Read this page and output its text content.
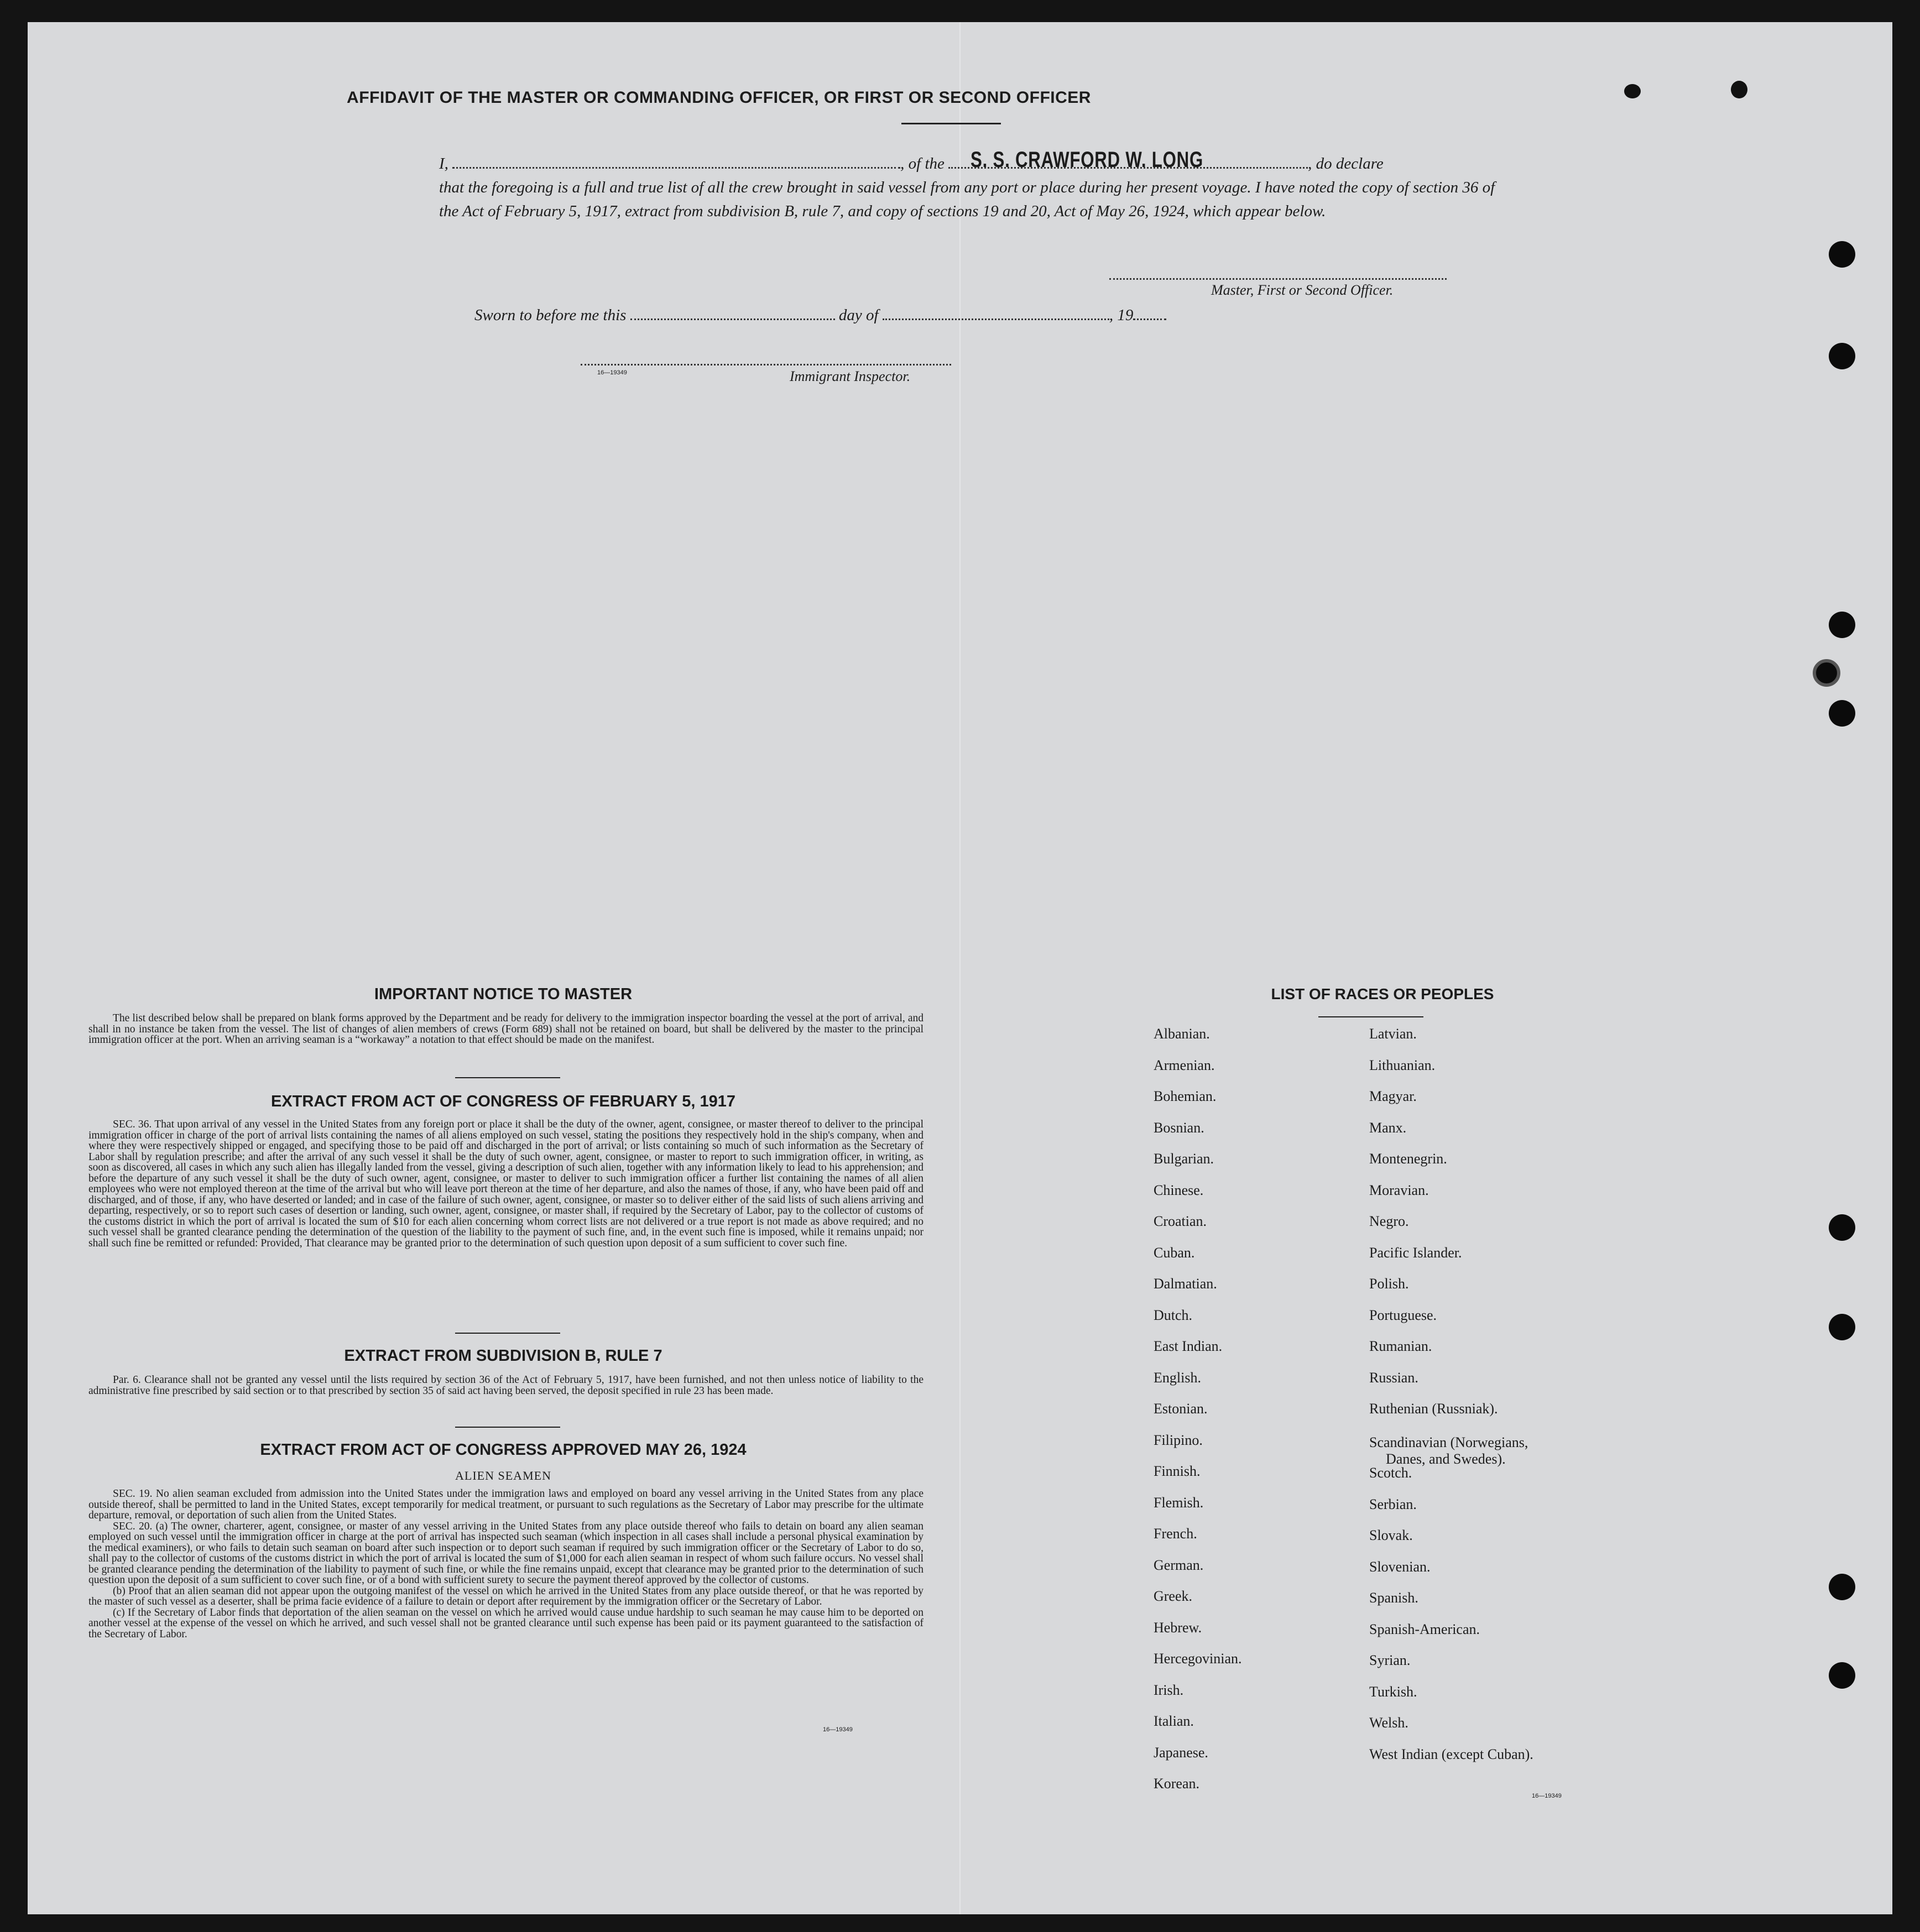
AFFIDAVIT OF THE MASTER OR COMMANDING OFFICER, OR FIRST OR SECOND OFFICER
I,	, of the S. S. CRAWFORD W. LONG	, do declare
that the foregoing is a full and true list of all the crew brought in said vessel from any port or place during her present voyage. I have noted the copy of section 36 of the Act of February 5, 1917, extract from subdivision B, rule 7, and copy of sections 19 and 20, Act of May 26, 1924, which appear below.
Master, First or Second Officer.
Sworn to before me this	day of	, 19
16—19349	Immigrant Inspector.
IMPORTANT NOTICE TO MASTER

The list described below shall be prepared on blank forms approved by the Department and be ready for delivery to the immigration inspector boarding the vessel at the port of arrival, and shall in no instance be taken from the vessel. The list of changes of alien members of crews (Form 689) shall not be retained on board, but shall be delivered by the master to the principal immigration officer at the port. When an arriving seaman is a “workaway” a notation to that effect should be made on the manifest.

EXTRACT FROM ACT OF CONGRESS OF FEBRUARY 5, 1917

SEC. 36. That upon arrival of any vessel in the United States from any foreign port or place it shall be the duty of the owner, agent, consignee, or master thereof to deliver to the principal immigration officer in charge of the port of arrival lists containing the names of all aliens employed on such vessel, stating the positions they respectively hold in the ship's company, when and where they were respectively shipped or engaged, and specifying those to be paid off and discharged in the port of arrival; or lists containing so much of such information as the Secretary of Labor shall by regulation prescribe; and after the arrival of any such vessel it shall be the duty of such owner, agent, consignee, or master to report to such immigration officer, in writing, as soon as discovered, all cases in which any such alien has illegally landed from the vessel, giving a description of such alien, together with any information likely to lead to his apprehension; and before the departure of any such vessel it shall be the duty of such owner, agent, consignee, or master to deliver to such immigration officer a further list containing the names of all alien employees who were not employed thereon at the time of the arrival but who will leave port thereon at the time of her departure, and also the names of those, if any, who have been paid off and discharged, and of those, if any, who have deserted or landed; and in case of the failure of such owner, agent, consignee, or master so to deliver either of the said lists of such aliens arriving and departing, respectively, or so to report such cases of desertion or landing, such owner, agent, consignee, or master shall, if required by the Secretary of Labor, pay to the collector of customs of the customs district in which the port of arrival is located the sum of $10 for each alien concerning whom correct lists are not delivered or a true report is not made as above required; and no such vessel shall be granted clearance pending the determination of the question of the liability to the payment of such fine, and, in the event such fine is imposed, while it remains unpaid; nor shall such fine be remitted or refunded: Provided, That clearance may be granted prior to the determination of such question upon deposit of a sum sufficient to cover such fine.

EXTRACT FROM SUBDIVISION B, RULE 7

Par. 6. Clearance shall not be granted any vessel until the lists required by section 36 of the Act of February 5, 1917, have been furnished, and not then unless notice of liability to the administrative fine prescribed by said section or to that prescribed by section 35 of said act having been served, the deposit specified in rule 23 has been made.

EXTRACT FROM ACT OF CONGRESS APPROVED MAY 26, 1924
ALIEN SEAMEN

SEC. 19. No alien seaman excluded from admission into the United States under the immigration laws and employed on board any vessel arriving in the United States from any place outside thereof, shall be permitted to land in the United States, except temporarily for medical treatment, or pursuant to such regulations as the Secretary of Labor may prescribe for the ultimate departure, removal, or deportation of such alien from the United States.

SEC. 20. (a) The owner, charterer, agent, consignee, or master of any vessel arriving in the United States from any place outside thereof who fails to detain on board any alien seaman employed on such vessel until the immigration officer in charge at the port of arrival has inspected such seaman (which inspection in all cases shall include a personal physical examination by the medical examiners), or who fails to detain such seaman on board after such inspection or to deport such seaman if required by such immigration officer or the Secretary of Labor to do so, shall pay to the collector of customs of the customs district in which the port of arrival is located the sum of $1,000 for each alien seaman in respect of whom such failure occurs. No vessel shall be granted clearance pending the determination of the liability to payment of such fine, or while the fine remains unpaid, except that clearance may be granted prior to the determination of such question upon the deposit of a sum sufficient to cover such fine, or of a bond with sufficient surety to secure the payment thereof approved by the collector of customs.

(b) Proof that an alien seaman did not appear upon the outgoing manifest of the vessel on which he arrived in the United States from any place outside thereof, or that he was reported by the master of such vessel as a deserter, shall be prima facie evidence of a failure to detain or deport after requirement by the immigration officer or the Secretary of Labor.

(c) If the Secretary of Labor finds that deportation of the alien seaman on the vessel on which he arrived would cause undue hardship to such seaman he may cause him to be deported on another vessel at the expense of the vessel on which he arrived, and such vessel shall not be granted clearance until such expense has been paid or its payment guaranteed to the satisfaction of the Secretary of Labor.

16—19349
LIST OF RACES OR PEOPLES
Albanian.
Armenian.
Bohemian.
Bosnian.
Bulgarian.
Chinese.
Croatian.
Cuban.
Dalmatian.
Dutch.
East Indian.
English.
Estonian.
Filipino.
Finnish.
Flemish.
French.
German.
Greek.
Hebrew.
Hercegovinian.
Irish.
Italian.
Japanese.
Korean.
Latvian.
Lithuanian.
Magyar.
Manx.
Montenegrin.
Moravian.
Negro.
Pacific Islander.
Polish.
Portuguese.
Rumanian.
Russian.
Ruthenian (Russniak).
Scandinavian (Norwegians,
Danes, and Swedes).
Scotch.
Serbian.
Slovak.
Slovenian.
Spanish.
Spanish-American.
Syrian.
Turkish.
Welsh.
West Indian (except Cuban).
16—19349
